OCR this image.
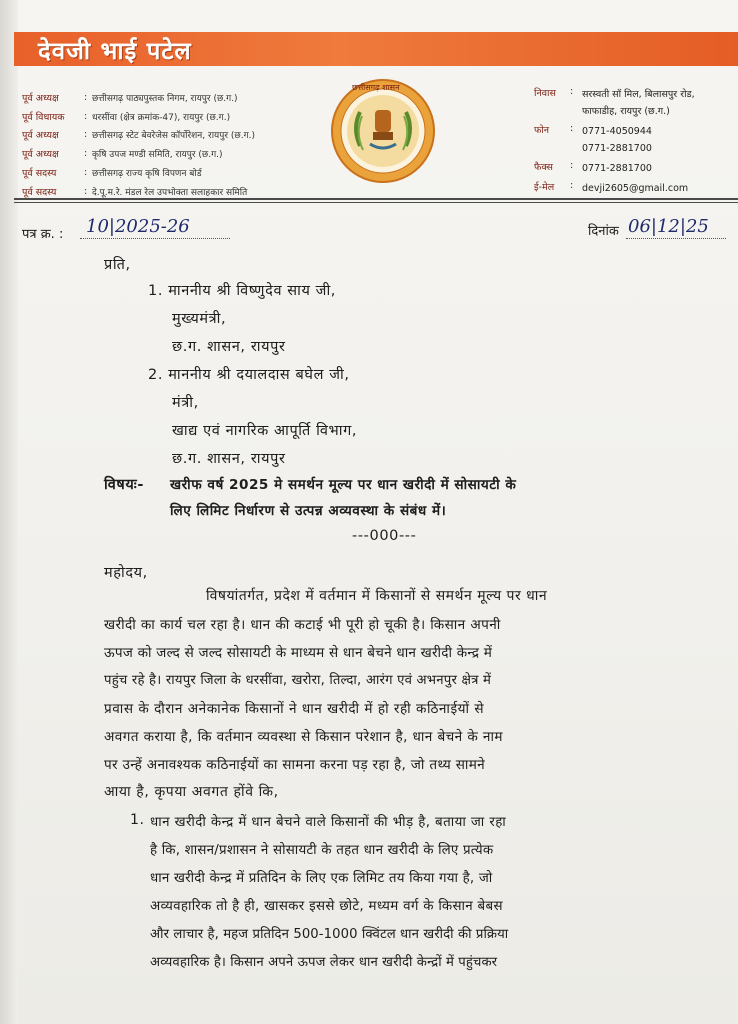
देवजी भाई पटेल
पूर्व अध्यक्ष	: छत्तीसगढ़ पाठ्यपुस्तक निगम, रायपुर (छ.ग.)
पूर्व विधायक	: धरसींवा (क्षेत्र क्रमांक-47), रायपुर (छ.ग.)
पूर्व अध्यक्ष	: छत्तीसगढ़ स्टेट बेवरेजेस कॉर्पोरेशन, रायपुर (छ.ग.)
पूर्व अध्यक्ष	: कृषि उपज मण्डी समिति, रायपुर (छ.ग.)
पूर्व सदस्य	: छत्तीसगढ़ राज्य कृषि विपणन बोर्ड
पूर्व सदस्य	: दे.पू.म.रे. मंडल रेल उपभोक्ता सलाहकार समिति
छत्तीसगढ़ शासन
निवास	: सरस्वती सॉ मिल, बिलासपुर रोड,
फाफाडीह, रायपुर (छ.ग.)
फोन	: 0771-4050944
0771-2881700
फैक्स	: 0771-2881700
ई-मेल	: devji2605@gmail.com
पत्र क्र. : 10|2025-26	दिनांक 06|12|25
प्रति,
1. माननीय श्री विष्णुदेव साय जी,
मुख्यमंत्री,
छ.ग. शासन, रायपुर
2. माननीय श्री दयालदास बघेल जी,
मंत्री,
खाद्य एवं नागरिक आपूर्ति विभाग,
छ.ग. शासन, रायपुर
विषयः- खरीफ वर्ष 2025 मे समर्थन मूल्य पर धान खरीदी में सोसायटी के
लिए लिमिट निर्धारण से उत्पन्न अव्यवस्था के संबंध में।
---000---
महोदय,
विषयांतर्गत, प्रदेश में वर्तमान में किसानों से समर्थन मूल्य पर धान
खरीदी का कार्य चल रहा है। धान की कटाई भी पूरी हो चूकी है। किसान अपनी
ऊपज को जल्द से जल्द सोसायटी के माध्यम से धान बेचने धान खरीदी केन्द्र में
पहुंच रहे है। रायपुर जिला के धरसींवा, खरोरा, तिल्दा, आरंग एवं अभनपुर क्षेत्र में
प्रवास के दौरान अनेकानेक किसानों ने धान खरीदी में हो रही कठिनाईयों से
अवगत कराया है, कि वर्तमान व्यवस्था से किसान परेशान है, धान बेचने के नाम
पर उन्हें अनावश्यक कठिनाईयों का सामना करना पड़ रहा है, जो तथ्य सामने
आया है, कृपया अवगत होंवे कि,
1. धान खरीदी केन्द्र में धान बेचने वाले किसानों की भीड़ है, बताया जा रहा
है कि, शासन/प्रशासन ने सोसायटी के तहत धान खरीदी के लिए प्रत्येक
धान खरीदी केन्द्र में प्रतिदिन के लिए एक लिमिट तय किया गया है, जो
अव्यवहारिक तो है ही, खासकर इससे छोटे, मध्यम वर्ग के किसान बेबस
और लाचार है, महज प्रतिदिन 500-1000 क्विंटल धान खरीदी की प्रक्रिया
अव्यवहारिक है। किसान अपने ऊपज लेकर धान खरीदी केन्द्रों में पहुंचकर
